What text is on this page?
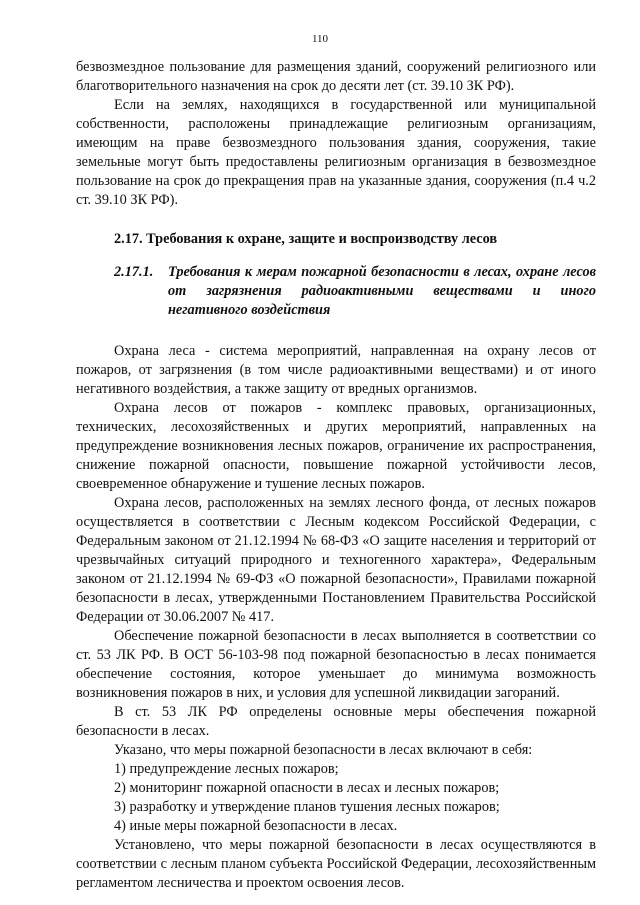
110

безвозмездное пользование для размещения зданий, сооружений религиозного или благотворительного назначения на срок до десяти лет (ст. 39.10 ЗК РФ).

Если на землях, находящихся в государственной или муниципальной собственности, расположены принадлежащие религиозным организациям, имеющим на праве безвозмездного пользования здания, сооружения, такие земельные могут быть предоставлены религиозным организация в безвозмездное пользование на срок до прекращения прав на указанные здания, сооружения (п.4 ч.2 ст. 39.10 ЗК РФ).

2.17. Требования к охране, защите и воспроизводству лесов
2.17.1.	Требования к мерам пожарной безопасности в лесах, охране лесов от загрязнения радиоактивными веществами и иного негативного воздействия

Охрана леса - система мероприятий, направленная на охрану лесов от пожаров, от загрязнения (в том числе радиоактивными веществами) и от иного негативного воздействия, а также защиту от вредных организмов.

Охрана лесов от пожаров - комплекс правовых, организационных, технических, лесохозяйственных и других мероприятий, направленных на предупреждение возникновения лесных пожаров, ограничение их распространения, снижение пожарной опасности, повышение пожарной устойчивости лесов, своевременное обнаружение и тушение лесных пожаров.

Охрана лесов, расположенных на землях лесного фонда, от лесных пожаров осуществляется в соответствии с Лесным кодексом Российской Федерации, с Федеральным законом от 21.12.1994 № 68-ФЗ «О защите населения и территорий от чрезвычайных ситуаций природного и техногенного характера», Федеральным законом от 21.12.1994 № 69-ФЗ «О пожарной безопасности», Правилами пожарной безопасности в лесах, утвержденными Постановлением Правительства Российской Федерации от 30.06.2007 № 417.

Обеспечение пожарной безопасности в лесах выполняется в соответствии со ст. 53 ЛК РФ. В ОСТ 56-103-98 под пожарной безопасностью в лесах понимается обеспечение состояния, которое уменьшает до минимума возможность возникновения пожаров в них, и условия для успешной ликвидации загораний.

В ст. 53 ЛК РФ определены основные меры обеспечения пожарной безопасности в лесах.

Указано, что меры пожарной безопасности в лесах включают в себя:

1) предупреждение лесных пожаров;

2) мониторинг пожарной опасности в лесах и лесных пожаров;

3) разработку и утверждение планов тушения лесных пожаров;

4) иные меры пожарной безопасности в лесах.

Установлено, что меры пожарной безопасности в лесах осуществляются в соответствии с лесным планом субъекта Российской Федерации, лесохозяйственным регламентом лесничества и проектом освоения лесов.
